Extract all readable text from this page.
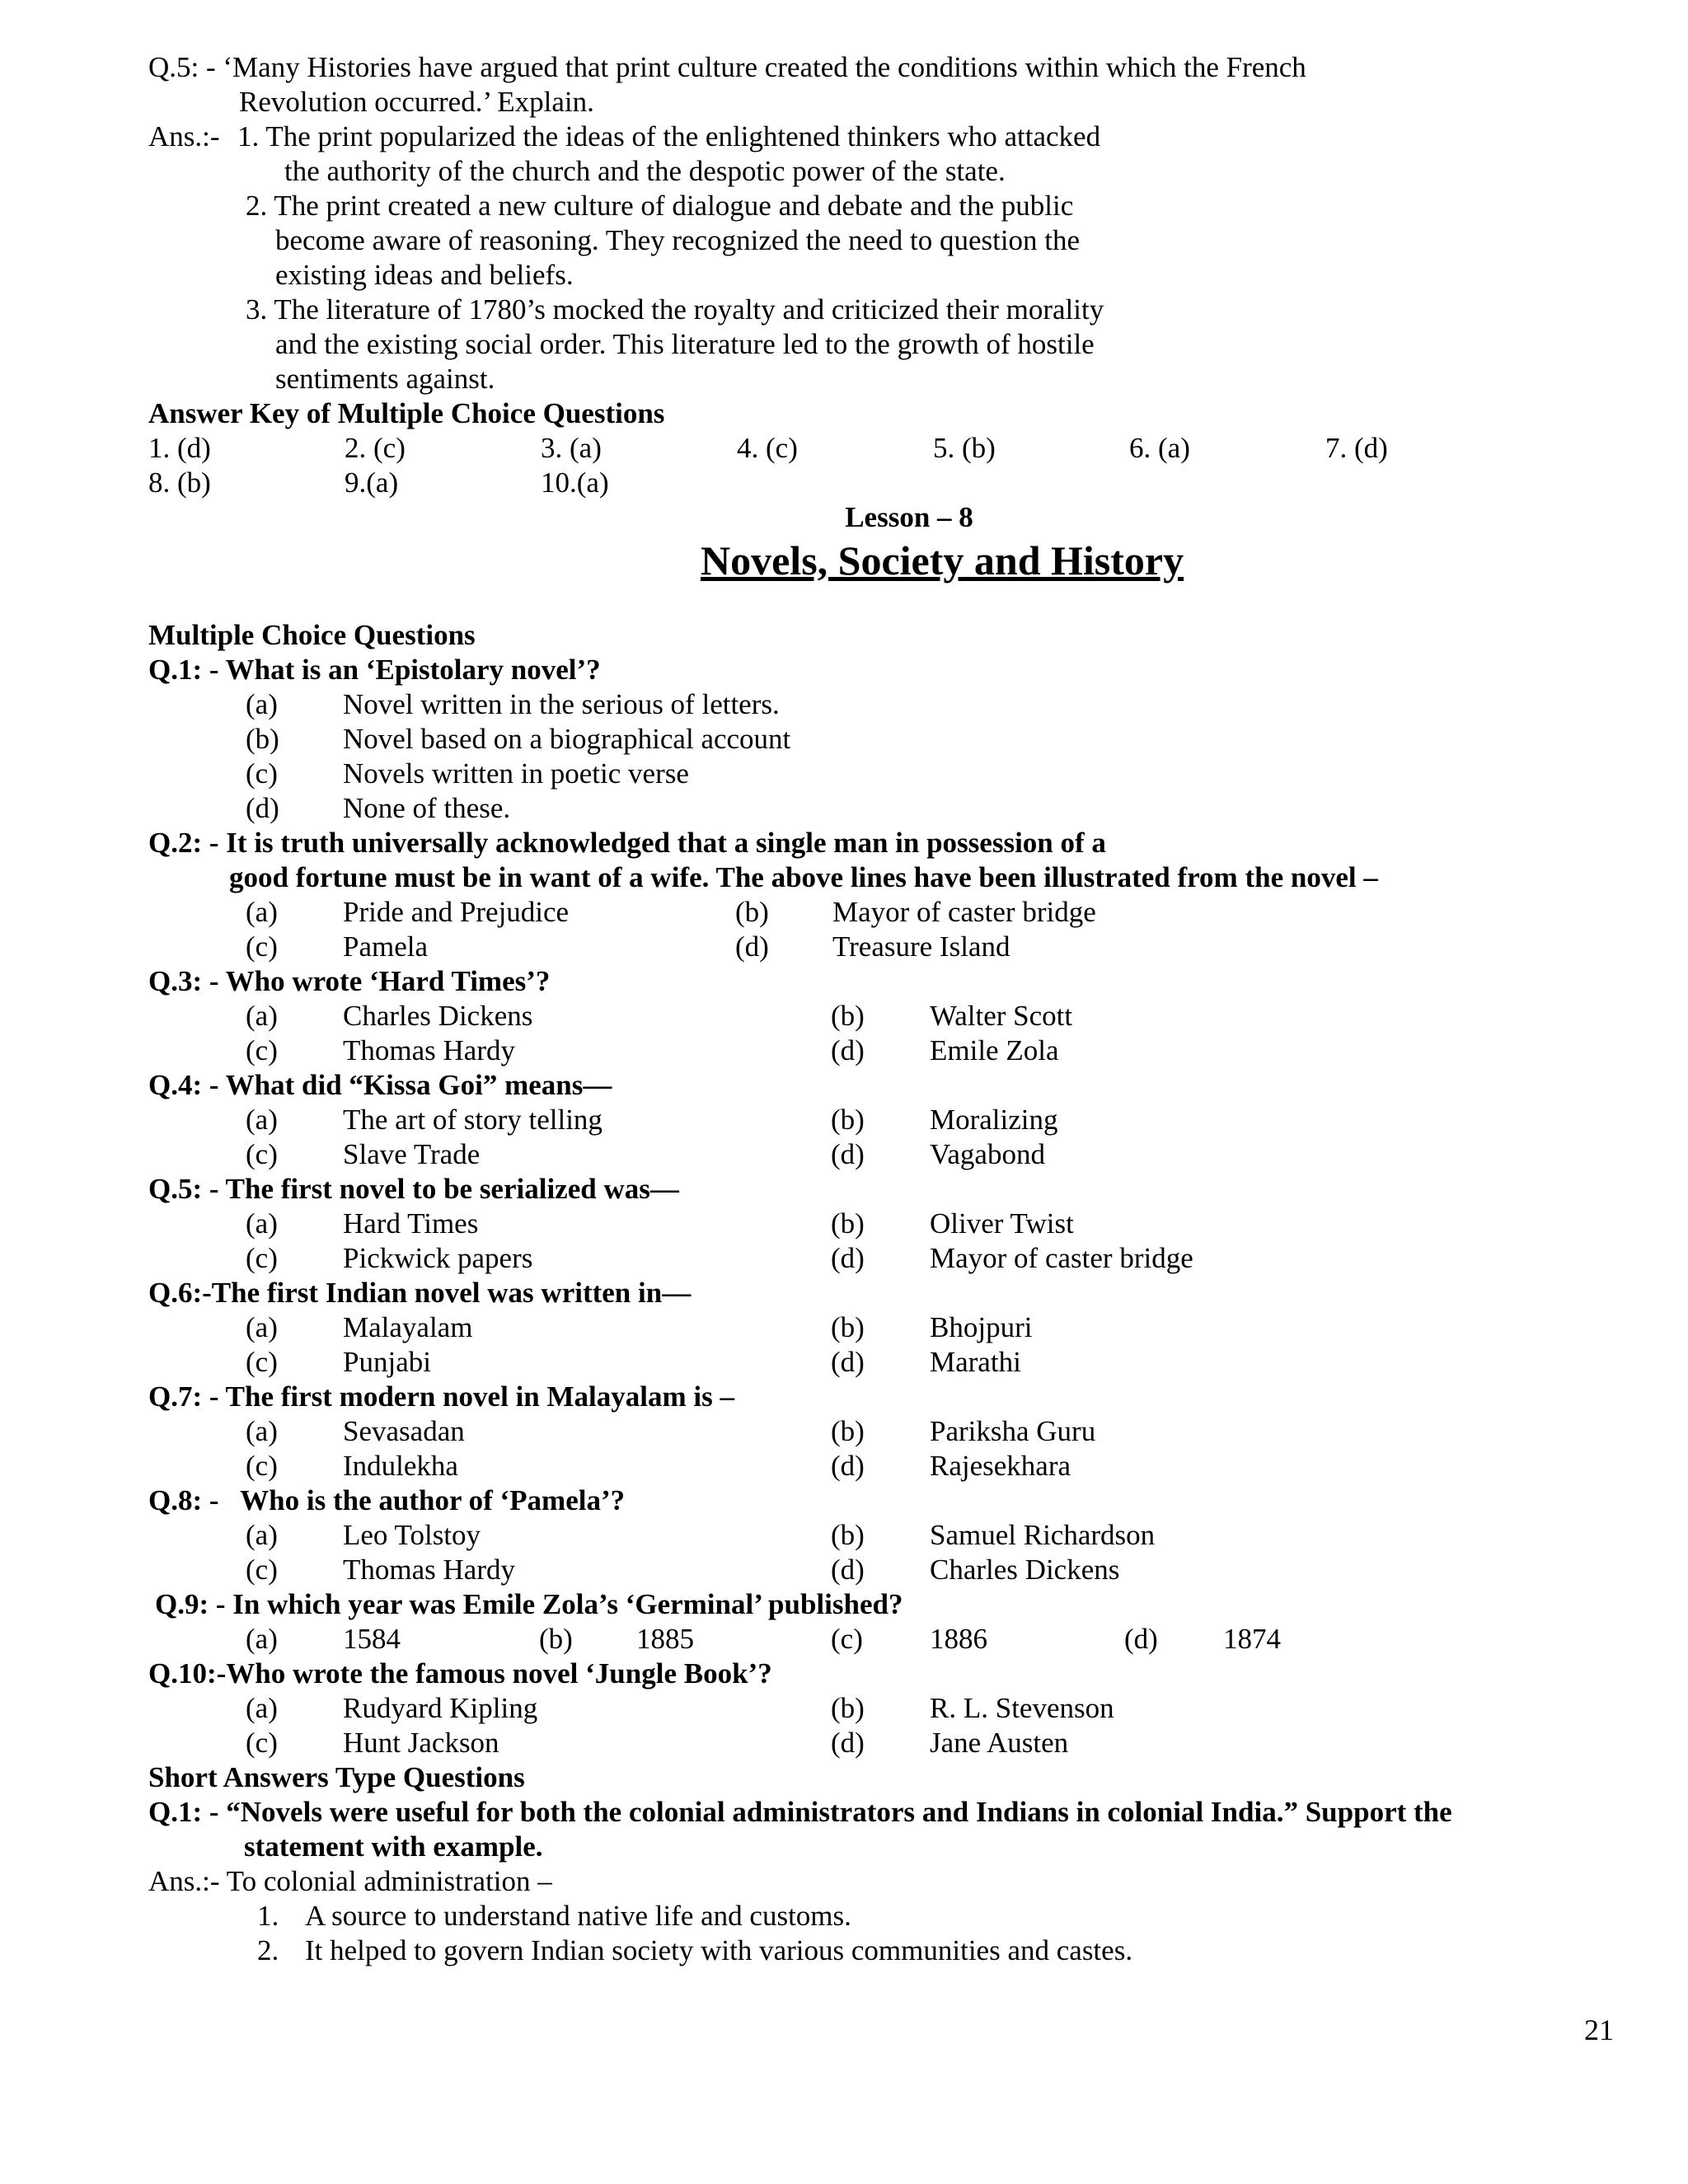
Q.5: - ‘Many Histories have argued that print culture created the conditions within which the French
Revolution occurred.’ Explain.
Ans.:- 1. The print popularized the ideas of the enlightened thinkers who attacked
the authority of the church and the despotic power of the state.
2. The print created a new culture of dialogue and debate and the public
become aware of reasoning. They recognized the need to question the
existing ideas and beliefs.
3. The literature of 1780’s mocked the royalty and criticized their morality
and the existing social order. This literature led to the growth of hostile
sentiments against.
Answer Key of Multiple Choice Questions
1. (d)	2. (c)	3. (a)	4. (c)	5. (b)	6. (a)	7. (d)
8. (b)	9.(a)	10.(a)
Lesson – 8
Novels, Society and History
Multiple Choice Questions
Q.1: - What is an ‘Epistolary novel’?
(a) Novel written in the serious of letters.
(b) Novel based on a biographical account
(c) Novels written in poetic verse
(d) None of these.
Q.2: - It is truth universally acknowledged that a single man in possession of a
good fortune must be in want of a wife. The above lines have been illustrated from the novel –
(a) Pride and Prejudice	(b) Mayor of caster bridge
(c) Pamela	(d) Treasure Island
Q.3: - Who wrote ‘Hard Times’?
(a) Charles Dickens	(b) Walter Scott
(c) Thomas Hardy	(d) Emile Zola
Q.4: - What did “Kissa Goi” means—
(a) The art of story telling	(b) Moralizing
(c) Slave Trade	(d) Vagabond
Q.5: - The first novel to be serialized was—
(a) Hard Times	(b) Oliver Twist
(c) Pickwick papers	(d) Mayor of caster bridge
Q.6:-The first Indian novel was written in—
(a) Malayalam	(b) Bhojpuri
(c) Punjabi	(d) Marathi
Q.7: - The first modern novel in Malayalam is –
(a) Sevasadan	(b) Pariksha Guru
(c) Indulekha	(d) Rajesekhara
Q.8: -   Who is the author of ‘Pamela’?
(a) Leo Tolstoy	(b) Samuel Richardson
(c) Thomas Hardy	(d) Charles Dickens
Q.9: - In which year was Emile Zola’s ‘Germinal’ published?
(a) 1584	(b) 1885	(c) 1886	(d) 1874
Q.10:-Who wrote the famous novel ‘Jungle Book’?
(a) Rudyard Kipling	(b) R. L. Stevenson
(c) Hunt Jackson	(d) Jane Austen
Short Answers Type Questions
Q.1: - “Novels were useful for both the colonial administrators and Indians in colonial India.” Support the
statement with example.
Ans.:- To colonial administration –
1. A source to understand native life and customs.
2. It helped to govern Indian society with various communities and castes.
21
